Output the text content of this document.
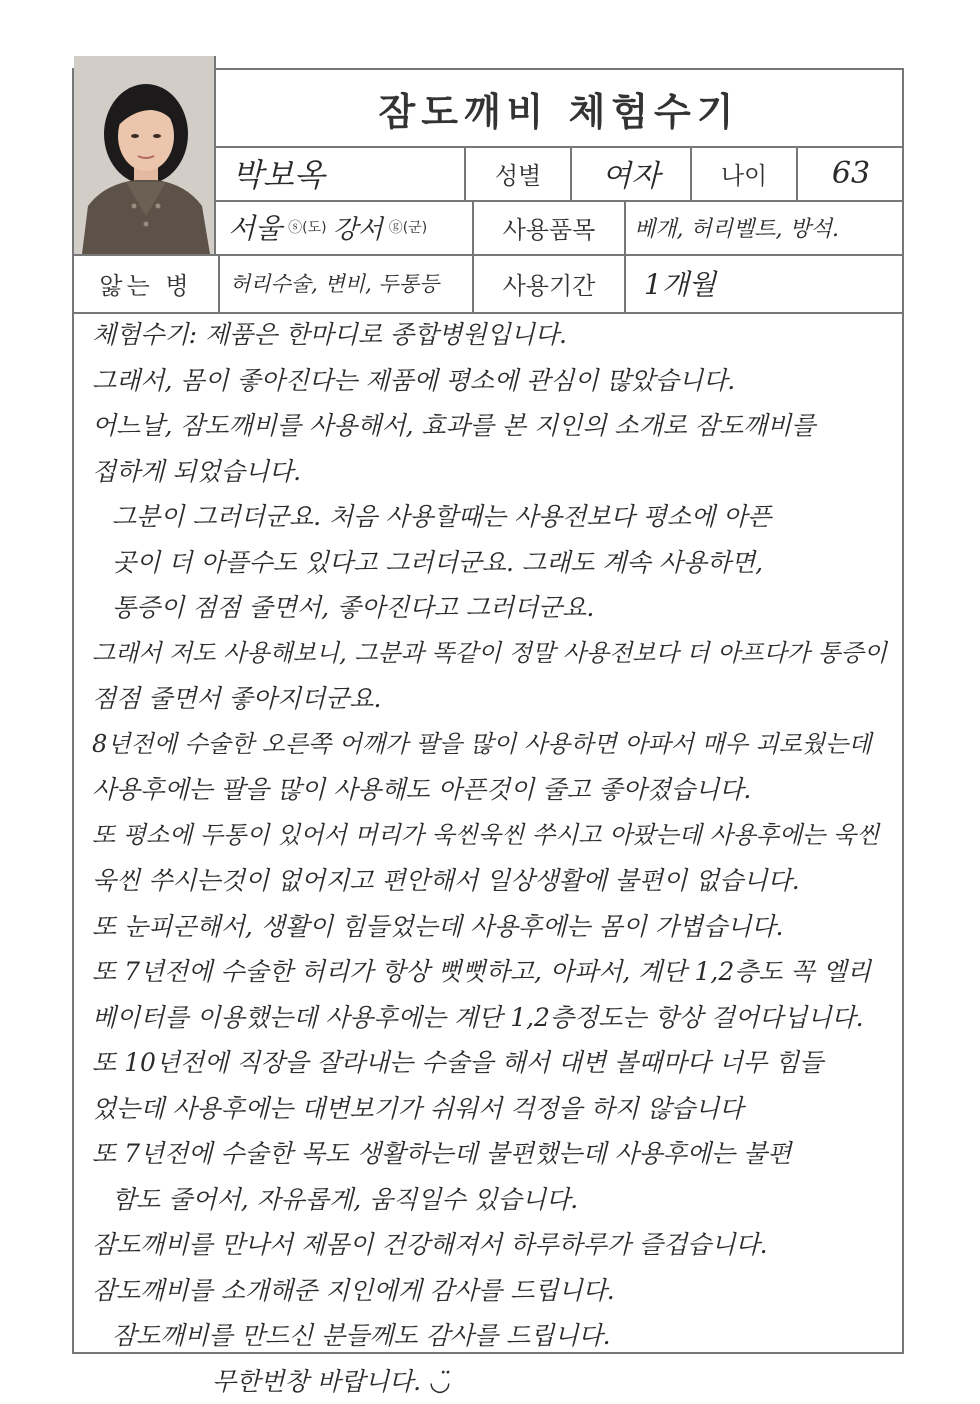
잠도깨비 체험수기
박보옥	성별	여자	나이	63
서울 ⓢ(도) 강서 ⓖ(군)	사용품목	베개, 허리벨트, 방석.
앓는 병	허리수술, 변비, 두통등	사용기간	1개월
체험수기: 제품은 한마디로 종합병원입니다.
그래서, 몸이 좋아진다는 제품에 평소에 관심이 많았습니다.
어느날, 잠도깨비를 사용해서, 효과를 본 지인의 소개로 잠도깨비를
접하게 되었습니다.
그분이 그러더군요. 처음 사용할때는 사용전보다 평소에 아픈
곳이 더 아플수도 있다고 그러더군요. 그래도 계속 사용하면,
통증이 점점 줄면서, 좋아진다고 그러더군요.
그래서 저도 사용해보니, 그분과 똑같이 정말 사용전보다 더 아프다가 통증이
점점 줄면서 좋아지더군요.
8년전에 수술한 오른쪽 어깨가 팔을 많이 사용하면 아파서 매우 괴로웠는데
사용후에는 팔을 많이 사용해도 아픈것이 줄고 좋아졌습니다.
또 평소에 두통이 있어서 머리가 욱씬욱씬 쑤시고 아팠는데 사용후에는 욱씬
욱씬 쑤시는것이 없어지고 편안해서 일상생활에 불편이 없습니다.
또 눈피곤해서, 생활이 힘들었는데 사용후에는 몸이 가볍습니다.
또 7년전에 수술한 허리가 항상 뻣뻣하고, 아파서, 계단 1,2층도 꼭 엘리
베이터를 이용했는데 사용후에는 계단 1,2층정도는 항상 걸어다닙니다.
또 10년전에 직장을 잘라내는 수술을 해서 대변 볼때마다 너무 힘들
었는데 사용후에는 대변보기가 쉬워서 걱정을 하지 않습니다
또 7년전에 수술한 목도 생활하는데 불편했는데 사용후에는 불편
함도 줄어서, 자유롭게, 움직일수 있습니다.
잠도깨비를 만나서 제몸이 건강해져서 하루하루가 즐겁습니다.
잠도깨비를 소개해준 지인에게 감사를 드립니다.
잠도깨비를 만드신 분들께도 감사를 드립니다.
무한번창 바랍니다. ◡̈
